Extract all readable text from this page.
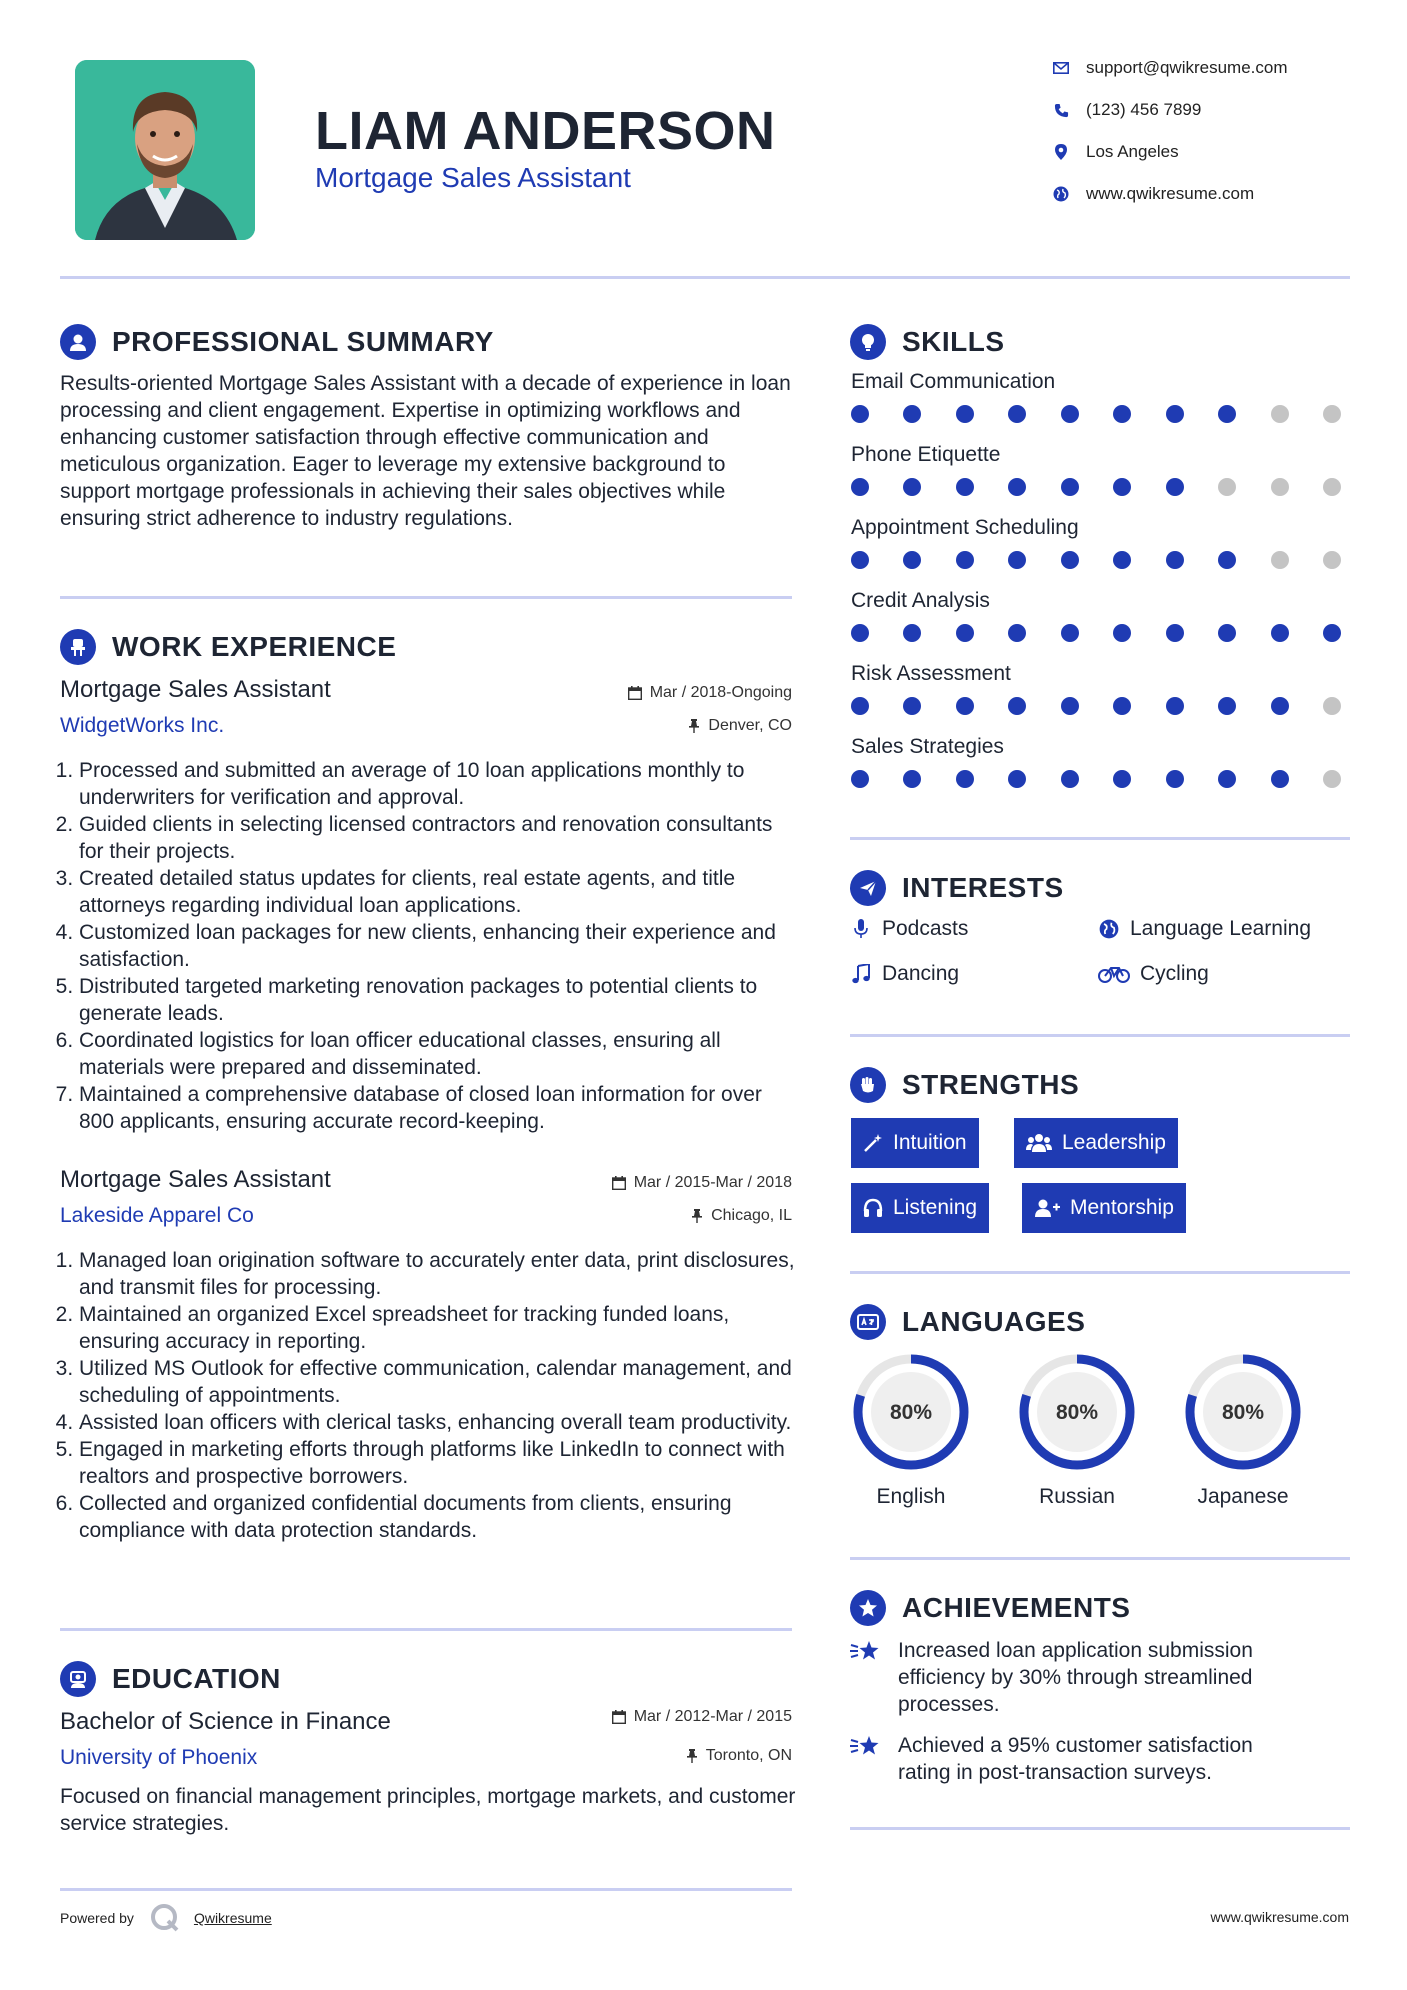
LIAM ANDERSON
Mortgage Sales Assistant
support@qwikresume.com
(123) 456 7899
Los Angeles
www.qwikresume.com
PROFESSIONAL SUMMARY
Results-oriented Mortgage Sales Assistant with a decade of experience in loan processing and client engagement. Expertise in optimizing workflows and enhancing customer satisfaction through effective communication and meticulous organization. Eager to leverage my extensive background to support mortgage professionals in achieving their sales objectives while ensuring strict adherence to industry regulations.
WORK EXPERIENCE
Mortgage Sales Assistant	Mar / 2018-Ongoing
WidgetWorks Inc.	Denver, CO
1. Processed and submitted an average of 10 loan applications monthly to underwriters for verification and approval.
2. Guided clients in selecting licensed contractors and renovation consultants for their projects.
3. Created detailed status updates for clients, real estate agents, and title attorneys regarding individual loan applications.
4. Customized loan packages for new clients, enhancing their experience and satisfaction.
5. Distributed targeted marketing renovation packages to potential clients to generate leads.
6. Coordinated logistics for loan officer educational classes, ensuring all materials were prepared and disseminated.
7. Maintained a comprehensive database of closed loan information for over 800 applicants, ensuring accurate record-keeping.
Mortgage Sales Assistant	Mar / 2015-Mar / 2018
Lakeside Apparel Co	Chicago, IL
1. Managed loan origination software to accurately enter data, print disclosures, and transmit files for processing.
2. Maintained an organized Excel spreadsheet for tracking funded loans, ensuring accuracy in reporting.
3. Utilized MS Outlook for effective communication, calendar management, and scheduling of appointments.
4. Assisted loan officers with clerical tasks, enhancing overall team productivity.
5. Engaged in marketing efforts through platforms like LinkedIn to connect with realtors and prospective borrowers.
6. Collected and organized confidential documents from clients, ensuring compliance with data protection standards.
EDUCATION
Bachelor of Science in Finance	Mar / 2012-Mar / 2015
University of Phoenix	Toronto, ON
Focused on financial management principles, mortgage markets, and customer service strategies.
Powered by	Qwikresume	www.qwikresume.com
SKILLS
Email Communication
Phone Etiquette
Appointment Scheduling
Credit Analysis
Risk Assessment
Sales Strategies
INTERESTS
Podcasts	Language Learning
Dancing	Cycling
STRENGTHS
Intuition	Leadership
Listening	Mentorship
LANGUAGES
80%
English
80%
Russian
80%
Japanese
ACHIEVEMENTS
Increased loan application submission efficiency by 30% through streamlined processes.
Achieved a 95% customer satisfaction rating in post-transaction surveys.
